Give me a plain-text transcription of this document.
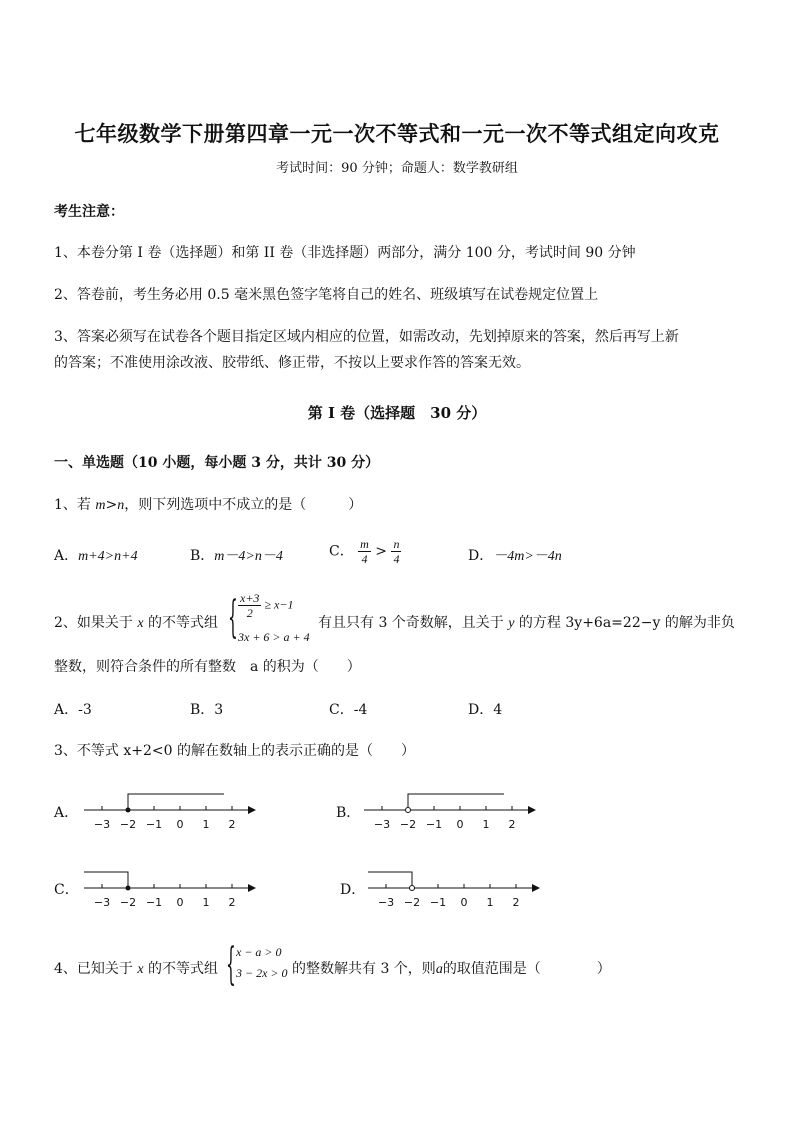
七年级数学下册第四章一元一次不等式和一元一次不等式组定向攻克
考试时间：90 分钟；命题人：数学教研组
考生注意：
1、本卷分第 I 卷（选择题）和第 II 卷（非选择题）两部分，满分 100 分，考试时间 90 分钟
2、答卷前，考生务必用 0.5 毫米黑色签字笔将自己的姓名、班级填写在试卷规定位置上
3、答案必须写在试卷各个题目指定区域内相应的位置，如需改动，先划掉原来的答案，然后再写上新
的答案；不准使用涂改液、胶带纸、修正带，不按以上要求作答的答案无效。
第 I 卷（选择题　30 分）
一、单选题（10 小题，每小题 3 分，共计 30 分）
1、若 m>n，则下列选项中不成立的是（　　　）
A．m+4>n+4	B．m－4>n－4	C． $\frac{m}{4} > \frac{n}{4}$	D．－4m>－4n
2、如果关于 x 的不等式组 { $\frac{x+3}{2} \ge x-1$
3x + 6 > a + 4
有且只有 3 个奇数解，且关于 y 的方程 3y+6a=22−y 的解为非负
整数，则符合条件的所有整数　a 的积为（　　）
A．-3	B．3	C．-4	D．4
3、不等式 x+2<0 的解在数轴上的表示正确的是（　　）
A．	B．
C．	D．
−3 −2 −1 0 1 2	−3 −2 −1 0 1 2
−3 −2 −1 0 1 2	−3 −2 −1 0 1 2
4、已知关于 x 的不等式组 { x − a > 0
3 − 2x > 0 的整数解共有 3 个，则a的取值范围是（　　　　）
